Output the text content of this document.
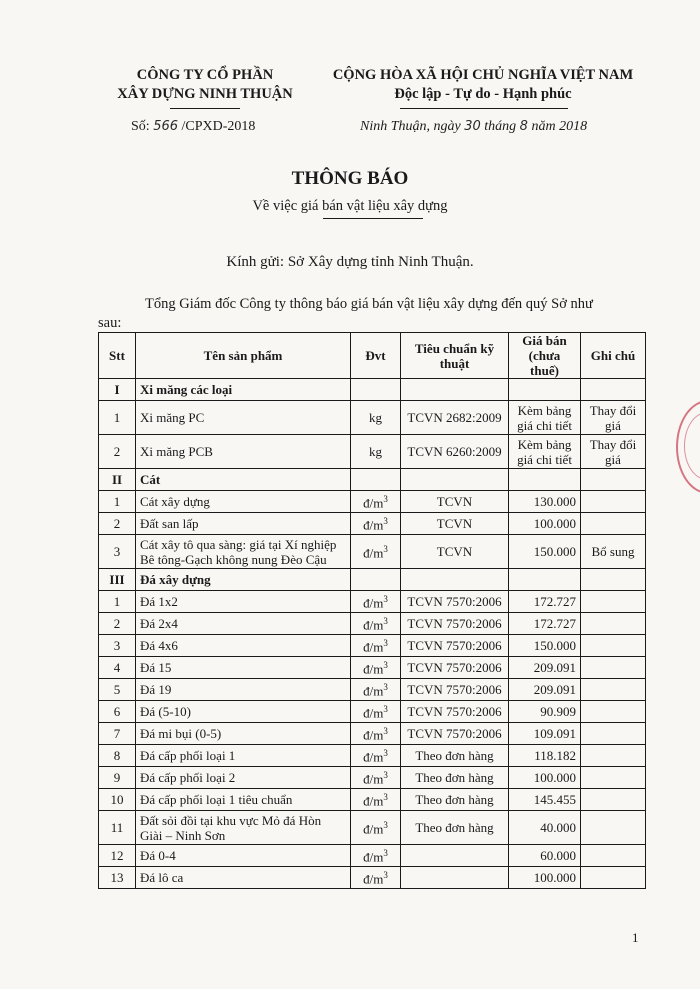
CÔNG TY CỔ PHẦN
XÂY DỰNG NINH THUẬN
CỘNG HÒA XÃ HỘI CHỦ NGHĨA VIỆT NAM
Độc lập - Tự do - Hạnh phúc
Số: 566 /CPXD-2018	Ninh Thuận, ngày 30 tháng 8 năm 2018
THÔNG BÁO
Về việc giá bán vật liệu xây dựng
Kính gửi: Sở Xây dựng tỉnh Ninh Thuận.
Tổng Giám đốc Công ty thông báo giá bán vật liệu xây dựng đến quý Sở như
sau:
Stt	Tên sản phẩm	Đvt	Tiêu chuẩn kỹ thuật	Giá bán (chưa thuế)	Ghi chú
I	Xi măng các loại				
1	Xi măng PC	kg	TCVN 2682:2009	Kèm bảng giá chi tiết	Thay đổi giá
2	Xi măng PCB	kg	TCVN 6260:2009	Kèm bảng giá chi tiết	Thay đổi giá
II	Cát				
1	Cát xây dựng	$đ/m^3$	TCVN	130.000	
2	Đất san lấp	$đ/m^3$	TCVN	100.000	
3	Cát xây tô qua sàng: giá tại Xí nghiệp Bê tông-Gạch không nung Đèo Cậu	$đ/m^3$	TCVN	150.000	Bổ sung
III	Đá xây dựng				
1	Đá 1x2	$đ/m^3$	TCVN 7570:2006	172.727	
2	Đá 2x4	$đ/m^3$	TCVN 7570:2006	172.727	
3	Đá 4x6	$đ/m^3$	TCVN 7570:2006	150.000	
4	Đá 15	$đ/m^3$	TCVN 7570:2006	209.091	
5	Đá 19	$đ/m^3$	TCVN 7570:2006	209.091	
6	Đá (5-10)	$đ/m^3$	TCVN 7570:2006	90.909	
7	Đá mi bụi (0-5)	$đ/m^3$	TCVN 7570:2006	109.091	
8	Đá cấp phối loại 1	$đ/m^3$	Theo đơn hàng	118.182	
9	Đá cấp phối loại 2	$đ/m^3$	Theo đơn hàng	100.000	
10	Đá cấp phối loại 1 tiêu chuẩn	$đ/m^3$	Theo đơn hàng	145.455	
11	Đất sỏi đồi tại khu vực Mỏ đá Hòn Giài – Ninh Sơn	$đ/m^3$	Theo đơn hàng	40.000	
12	Đá 0-4	$đ/m^3$		60.000	
13	Đá lô ca	$đ/m^3$		100.000	
1
